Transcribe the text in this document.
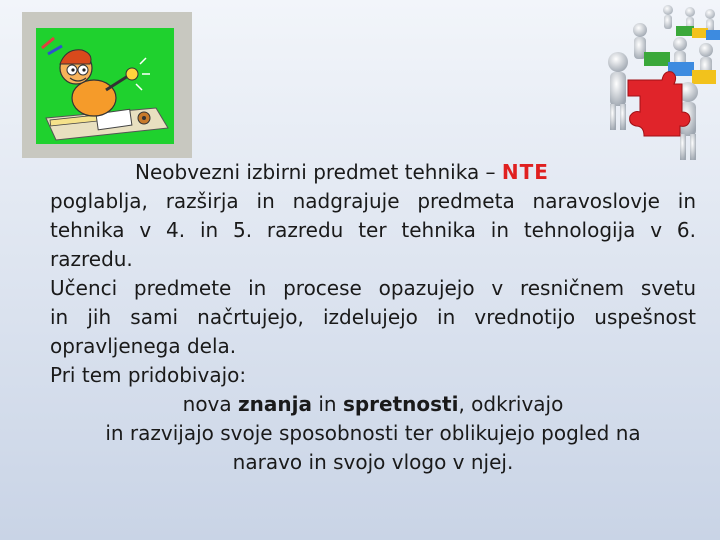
Neobvezni izbirni predmet tehnika – NTE

poglablja, razširja in nadgrajuje predmeta naravoslovje in

tehnika v 4. in 5. razredu ter tehnika in tehnologija v 6.

razredu.

Učenci predmete in procese opazujejo v resničnem svetu

in jih sami načrtujejo, izdelujejo in vrednotijo uspešnost

opravljenega dela.

Pri tem pridobivajo:

nova znanja in spretnosti, odkrivajo

in razvijajo svoje sposobnosti ter oblikujejo pogled na

naravo in svojo vlogo v njej.
